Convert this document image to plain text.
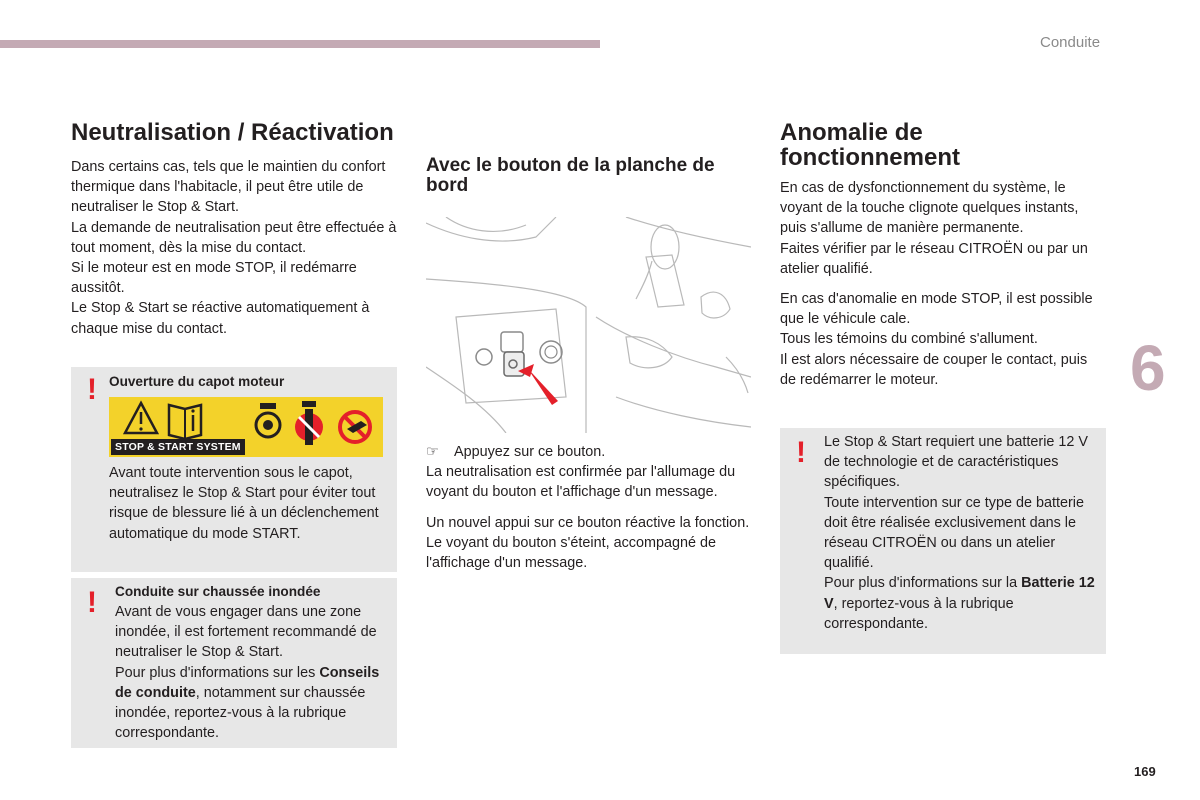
Conduite
6
169
Neutralisation / Réactivation

Dans certains cas, tels que le maintien du confort thermique dans l'habitacle, il peut être utile de neutraliser le Stop & Start.

La demande de neutralisation peut être effectuée à tout moment, dès la mise du contact.

Si le moteur est en mode STOP, il redémarre aussitôt.

Le Stop & Start se réactive automatiquement à chaque mise du contact.

! Ouverture du capot moteur
STOP & START SYSTEM

Avant toute intervention sous le capot, neutralisez le Stop & Start pour éviter tout risque de blessure lié à un déclenchement automatique du mode START.

! Conduite sur chaussée inondée

Avant de vous engager dans une zone inondée, il est fortement recommandé de neutraliser le Stop & Start.

Pour plus d'informations sur les Conseils de conduite, notamment sur chaussée inondée, reportez-vous à la rubrique correspondante.

Avec le bouton de la planche de bord

☞ Appuyez sur ce bouton.

La neutralisation est confirmée par l'allumage du voyant du bouton et l'affichage d'un message.

Un nouvel appui sur ce bouton réactive la fonction.

Le voyant du bouton s'éteint, accompagné de l'affichage d'un message.

Anomalie de fonctionnement

En cas de dysfonctionnement du système, le voyant de la touche clignote quelques instants, puis s'allume de manière permanente.

Faites vérifier par le réseau CITROËN ou par un atelier qualifié.

En cas d'anomalie en mode STOP, il est possible que le véhicule cale.

Tous les témoins du combiné s'allument.

Il est alors nécessaire de couper le contact, puis de redémarrer le moteur.

! Le Stop & Start requiert une batterie 12 V de technologie et de caractéristiques spécifiques.

Toute intervention sur ce type de batterie doit être réalisée exclusivement dans le réseau CITROËN ou dans un atelier qualifié.

Pour plus d'informations sur la Batterie 12 V, reportez-vous à la rubrique correspondante.
